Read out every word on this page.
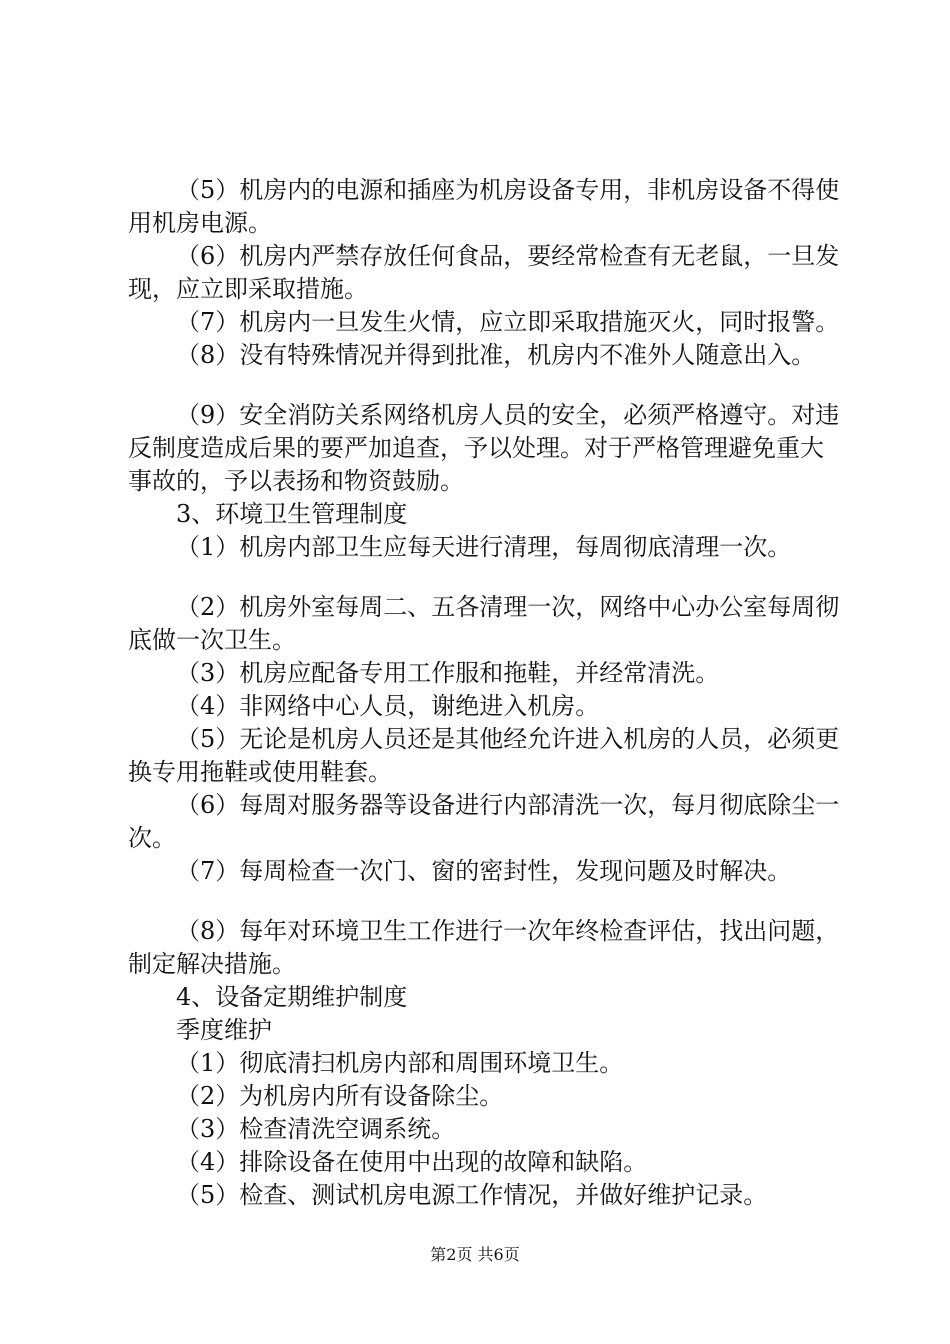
（5）机房内的电源和插座为机房设备专用，非机房设备不得使用机房电源。

（6）机房内严禁存放任何食品，要经常检查有无老鼠，一旦发现，应立即采取措施。

（7）机房内一旦发生火情，应立即采取措施灭火，同时报警。

（8）没有特殊情况并得到批准，机房内不准外人随意出入。

（9）安全消防关系网络机房人员的安全，必须严格遵守。对违反制度造成后果的要严加追查，予以处理。对于严格管理避免重大事故的，予以表扬和物资鼓励。

3、环境卫生管理制度

（1）机房内部卫生应每天进行清理，每周彻底清理一次。

（2）机房外室每周二、五各清理一次，网络中心办公室每周彻底做一次卫生。

（3）机房应配备专用工作服和拖鞋，并经常清洗。

（4）非网络中心人员，谢绝进入机房。

（5）无论是机房人员还是其他经允许进入机房的人员，必须更换专用拖鞋或使用鞋套。

（6）每周对服务器等设备进行内部清洗一次，每月彻底除尘一次。

（7）每周检查一次门、窗的密封性，发现问题及时解决。

（8）每年对环境卫生工作进行一次年终检查评估，找出问题，制定解决措施。

4、设备定期维护制度

季度维护

（1）彻底清扫机房内部和周围环境卫生。

（2）为机房内所有设备除尘。

（3）检查清洗空调系统。

（4）排除设备在使用中出现的故障和缺陷。

（5）检查、测试机房电源工作情况，并做好维护记录。

第2页 共6页
